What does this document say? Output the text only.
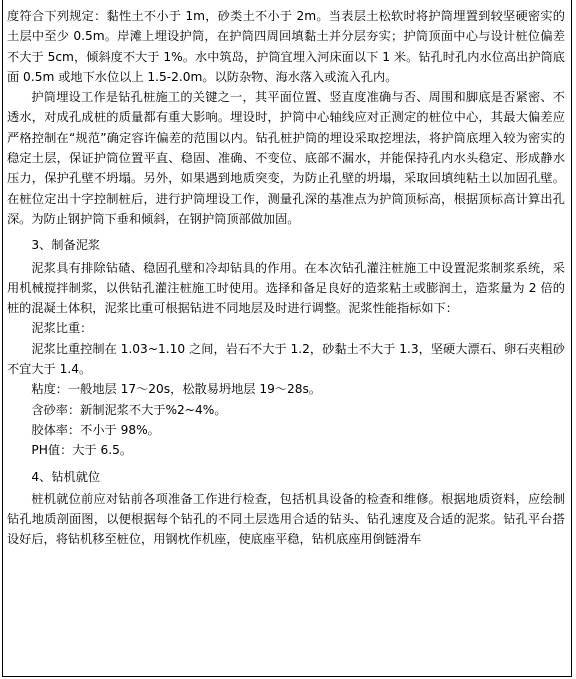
度符合下列规定：黏性土不小于 1m，砂类土不小于 2m。当表层土松软时将护筒埋置到较坚硬密实的土层中至少 0.5m。岸滩上埋设护筒，在护筒四周回填黏土并分层夯实；护筒顶面中心与设计桩位偏差不大于 5cm，倾斜度不大于 1%。水中筑岛，护筒宜埋入河床面以下 1 米。钻孔时孔内水位高出护筒底面 0.5m 或地下水位以上 1.5-2.0m。以防杂物、海水落入或流入孔内。

护筒埋设工作是钻孔桩施工的关键之一，其平面位置、竖直度准确与否、周围和脚底是否紧密、不透水，对成孔成桩的质量都有重大影响。埋设时，护筒中心轴线应对正测定的桩位中心，其最大偏差应严格控制在“规范”确定容许偏差的范围以内。钻孔桩护筒的埋设采取挖埋法，将护筒底埋入较为密实的稳定土层，保证护筒位置平直、稳固、准确、不变位、底部不漏水，并能保持孔内水头稳定、形成静水压力，保护孔壁不坍塌。另外，如果遇到地质突变，为防止孔壁的坍塌，采取回填纯粘土以加固孔壁。在桩位定出十字控制桩后，进行护筒埋设工作，测量孔深的基准点为护筒顶标高，根据顶标高计算出孔深。为防止钢护筒下垂和倾斜，在钢护筒顶部做加固。

3、制备泥浆

泥浆具有排除钻碴、稳固孔壁和冷却钻具的作用。在本次钻孔灌注桩施工中设置泥浆制浆系统，采用机械搅拌制浆，以供钻孔灌注桩施工时使用。选择和备足良好的造浆粘土或膨润土，造浆量为 2 倍的桩的混凝土体积，泥浆比重可根据钻进不同地层及时进行调整。泥浆性能指标如下：

泥浆比重：

泥浆比重控制在 1.03~1.10 之间，岩石不大于 1.2，砂黏土不大于 1.3，坚硬大漂石、卵石夹粗砂不宜大于 1.4。

粘度：一般地层 17～20s，松散易坍地层 19～28s。

含砂率：新制泥浆不大于%2~4%。

胶体率：不小于 98%。

PH值：大于 6.5。

4、钻机就位

桩机就位前应对钻前各项准备工作进行检查，包括机具设备的检查和维修。根据地质资料，应绘制钻孔地质剖面图，以便根据每个钻孔的不同土层选用合适的钻头、钻孔速度及合适的泥浆。钻孔平台搭设好后，将钻机移至桩位，用钢枕作机座，使底座平稳，钻机底座用倒链滑车
